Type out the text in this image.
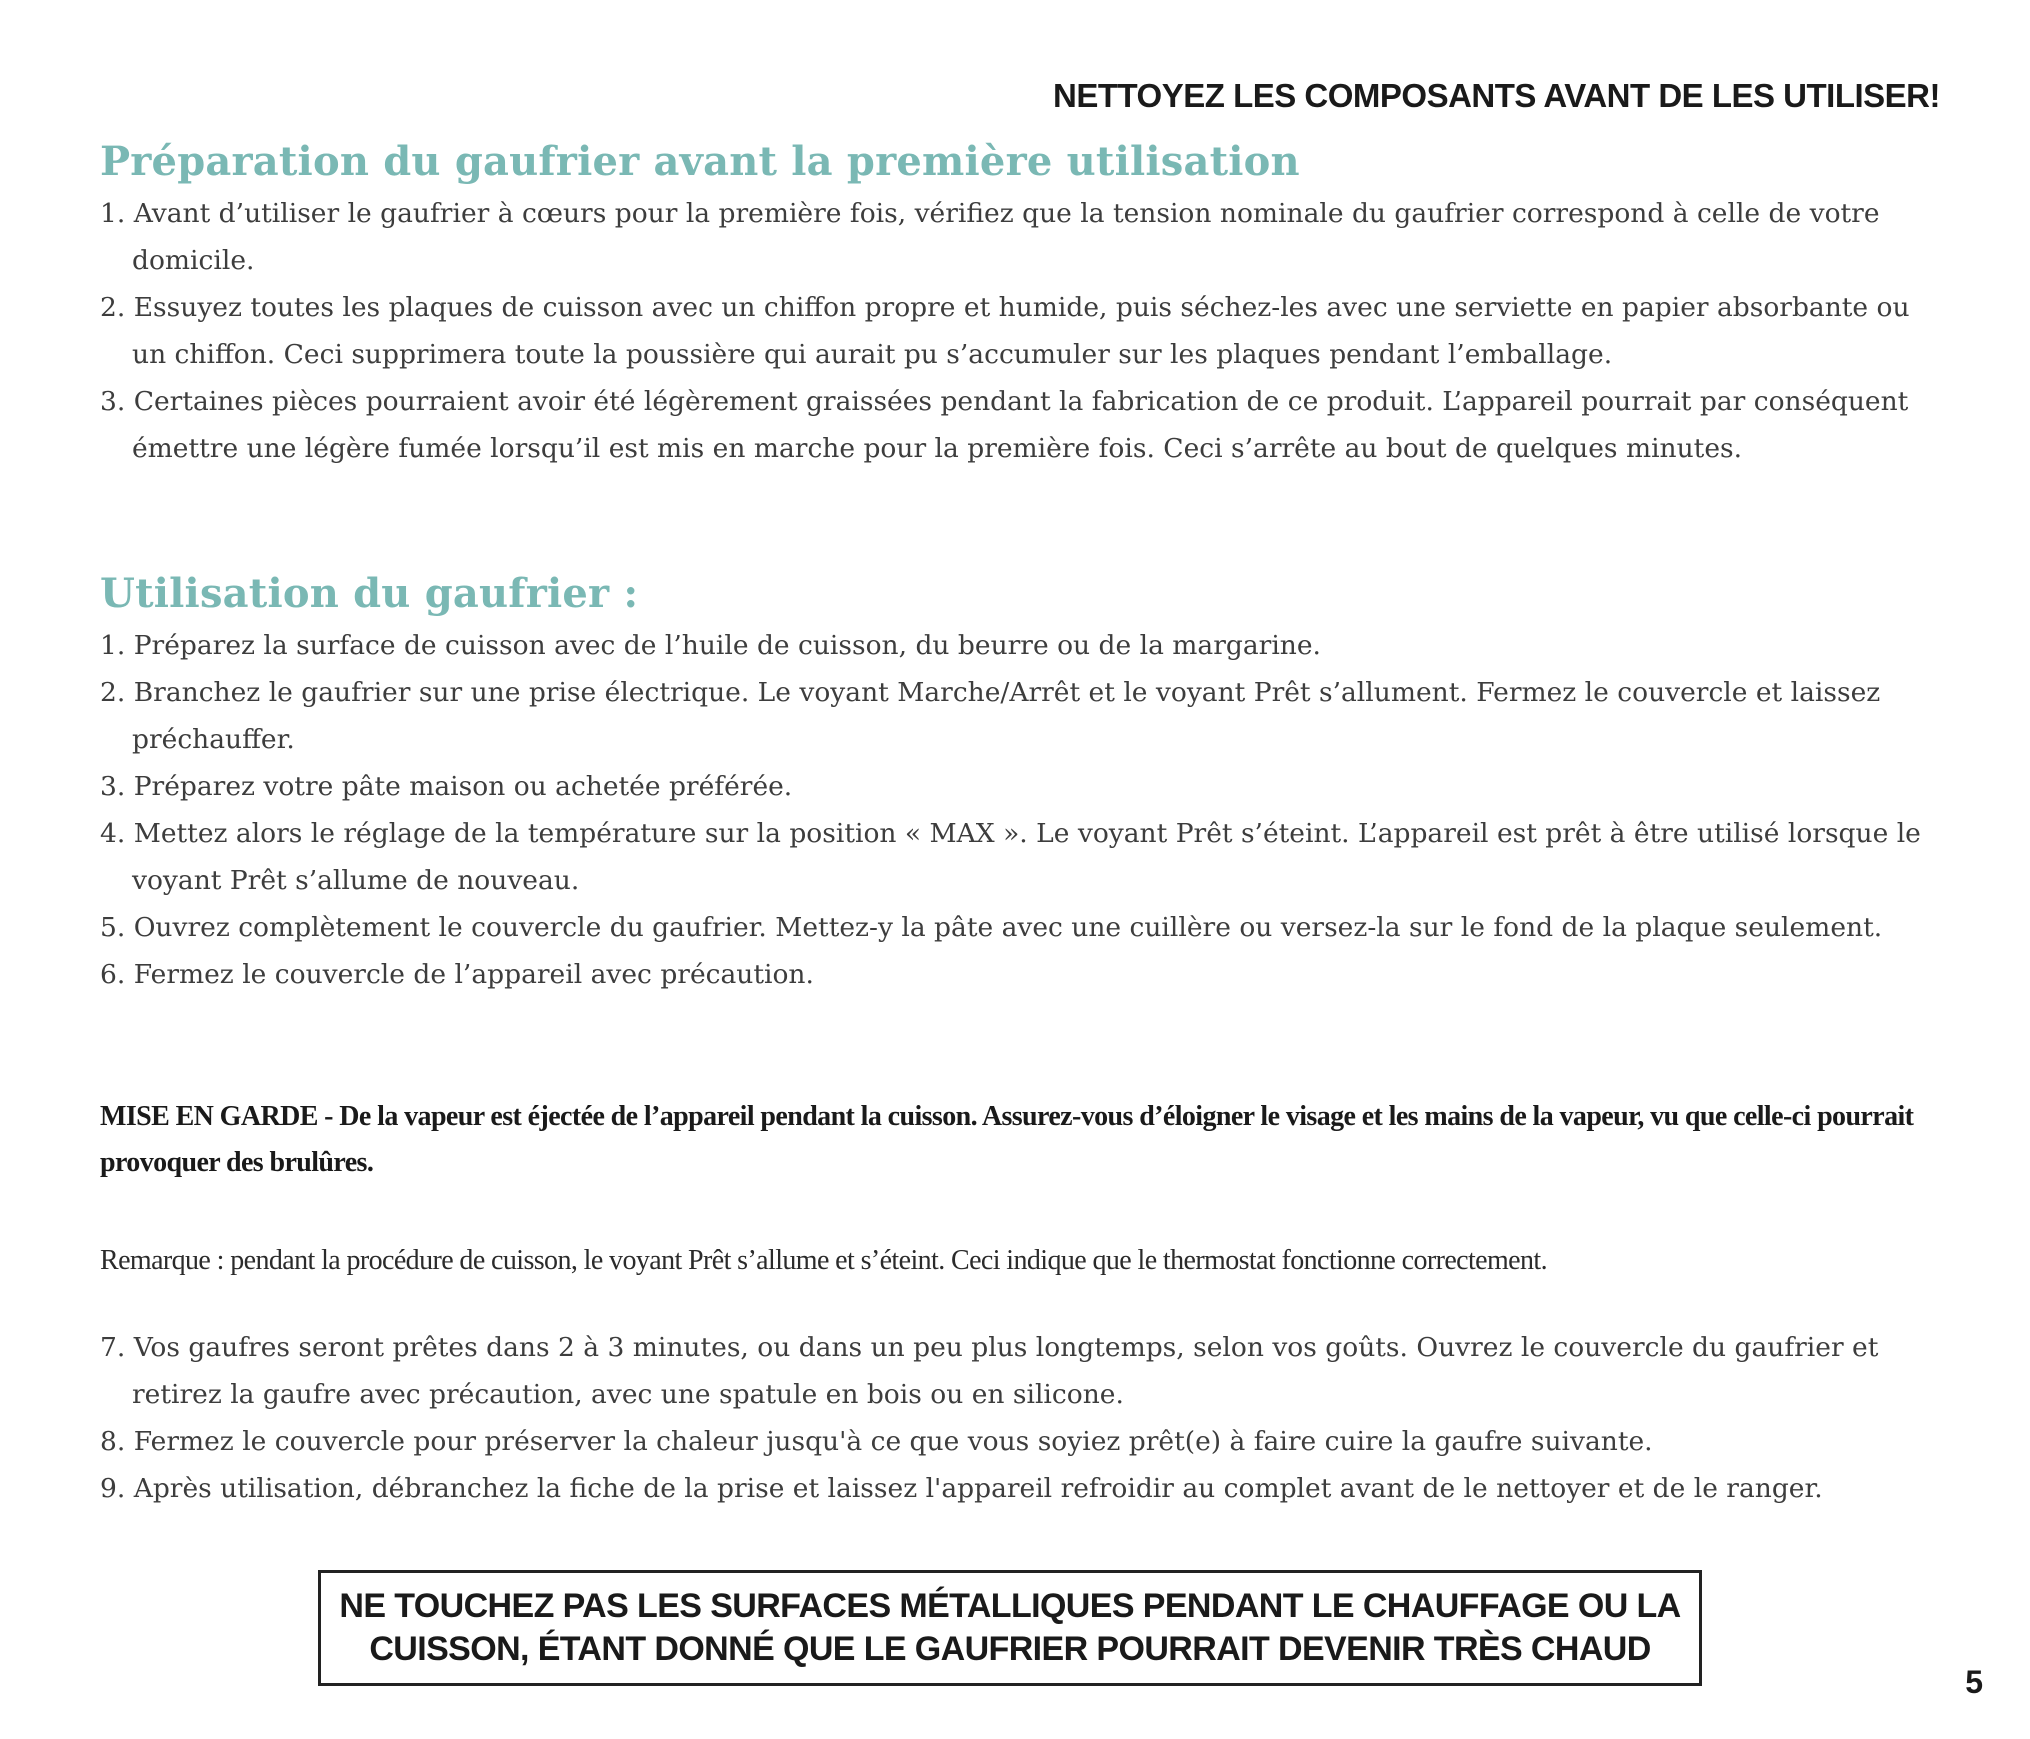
NETTOYEZ LES COMPOSANTS AVANT DE LES UTILISER!
Préparation du gaufrier avant la première utilisation
1. Avant d’utiliser le gaufrier à cœurs pour la première fois, vérifiez que la tension nominale du gaufrier correspond à celle de votre domicile.
2. Essuyez toutes les plaques de cuisson avec un chiffon propre et humide, puis séchez-les avec une serviette en papier absorbante ou un chiffon. Ceci supprimera toute la poussière qui aurait pu s’accumuler sur les plaques pendant l’emballage.
3. Certaines pièces pourraient avoir été légèrement graissées pendant la fabrication de ce produit. L’appareil pourrait par conséquent émettre une légère fumée lorsqu’il est mis en marche pour la première fois. Ceci s’arrête au bout de quelques minutes.
Utilisation du gaufrier :
1. Préparez la surface de cuisson avec de l’huile de cuisson, du beurre ou de la margarine.
2. Branchez le gaufrier sur une prise électrique. Le voyant Marche/Arrêt et le voyant Prêt s’allument. Fermez le couvercle et laissez préchauffer.
3. Préparez votre pâte maison ou achetée préférée.
4. Mettez alors le réglage de la température sur la position « MAX ». Le voyant Prêt s’éteint. L’appareil est prêt à être utilisé lorsque le voyant Prêt s’allume de nouveau.
5. Ouvrez complètement le couvercle du gaufrier. Mettez-y la pâte avec une cuillère ou versez-la sur le fond de la plaque seulement.
6. Fermez le couvercle de l’appareil avec précaution.
MISE EN GARDE - De la vapeur est éjectée de l’appareil pendant la cuisson. Assurez-vous d’éloigner le visage et les mains de la vapeur, vu que celle-ci pourrait provoquer des brulûres.
Remarque : pendant la procédure de cuisson, le voyant Prêt s’allume et s’éteint. Ceci indique que le thermostat fonctionne correctement.
7. Vos gaufres seront prêtes dans 2 à 3 minutes, ou dans un peu plus longtemps, selon vos goûts. Ouvrez le couvercle du gaufrier et retirez la gaufre avec précaution, avec une spatule en bois ou en silicone.
8. Fermez le couvercle pour préserver la chaleur jusqu'à ce que vous soyiez prêt(e) à faire cuire la gaufre suivante.
9. Après utilisation, débranchez la fiche de la prise et laissez l'appareil refroidir au complet avant de le nettoyer et de le ranger.
NE TOUCHEZ PAS LES SURFACES MÉTALLIQUES PENDANT LE CHAUFFAGE OU LA
CUISSON, ÉTANT DONNÉ QUE LE GAUFRIER POURRAIT DEVENIR TRÈS CHAUD
5
